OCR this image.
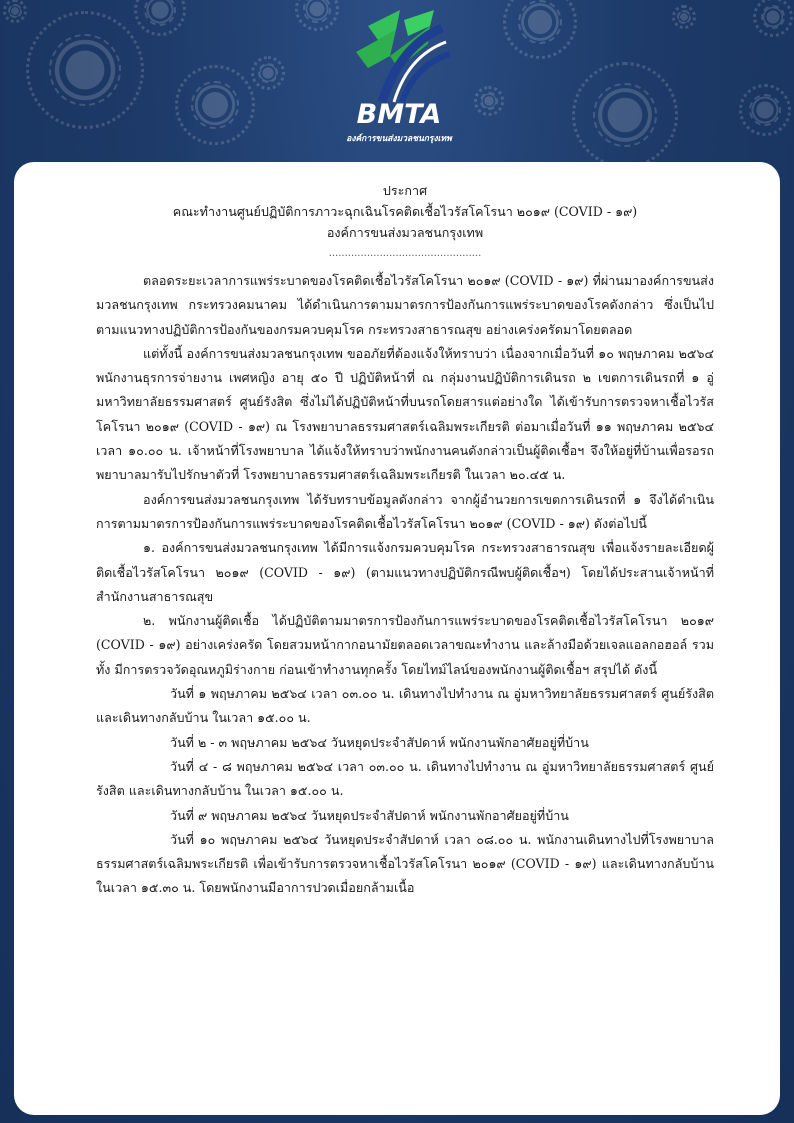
BMTA
องค์การขนส่งมวลชนกรุงเทพ
ประกาศ
คณะทำงานศูนย์ปฏิบัติการภาวะฉุกเฉินโรคติดเชื้อไวรัสโคโรนา ๒๐๑๙ (COVID - ๑๙)
องค์การขนส่งมวลชนกรุงเทพ
................................................

ตลอดระยะเวลาการแพร่ระบาดของโรคติดเชื้อไวรัสโคโรนา ๒๐๑๙ (COVID - ๑๙) ที่ผ่านมาองค์การขนส่งมวลชนกรุงเทพ กระทรวงคมนาคม ได้ดำเนินการตามมาตรการป้องกันการแพร่ระบาดของโรคดังกล่าว ซึ่งเป็นไปตามแนวทางปฏิบัติการป้องกันของกรมควบคุมโรค กระทรวงสาธารณสุข อย่างเคร่งครัดมาโดยตลอด

แต่ทั้งนี้ องค์การขนส่งมวลชนกรุงเทพ ขออภัยที่ต้องแจ้งให้ทราบว่า เนื่องจากเมื่อวันที่ ๑๐ พฤษภาคม ๒๕๖๔ พนักงานธุรการจ่ายงาน เพศหญิง อายุ ๕๐ ปี ปฏิบัติหน้าที่ ณ กลุ่มงานปฏิบัติการเดินรถ ๒ เขตการเดินรถที่ ๑ อู่มหาวิทยาลัยธรรมศาสตร์ ศูนย์รังสิต ซึ่งไม่ได้ปฏิบัติหน้าที่บนรถโดยสารแต่อย่างใด ได้เข้ารับการตรวจหาเชื้อไวรัสโคโรนา ๒๐๑๙ (COVID - ๑๙) ณ โรงพยาบาลธรรมศาสตร์เฉลิมพระเกียรติ ต่อมาเมื่อวันที่ ๑๑ พฤษภาคม ๒๕๖๔ เวลา ๑๐.๐๐ น. เจ้าหน้าที่โรงพยาบาล ได้แจ้งให้ทราบว่าพนักงานคนดังกล่าวเป็นผู้ติดเชื้อฯ จึงให้อยู่ที่บ้านเพื่อรอรถพยาบาลมารับไปรักษาตัวที่ โรงพยาบาลธรรมศาสตร์เฉลิมพระเกียรติ ในเวลา ๒๐.๔๕ น.

องค์การขนส่งมวลชนกรุงเทพ ได้รับทราบข้อมูลดังกล่าว จากผู้อำนวยการเขตการเดินรถที่ ๑ จึงได้ดำเนินการตามมาตรการป้องกันการแพร่ระบาดของโรคติดเชื้อไวรัสโคโรนา ๒๐๑๙ (COVID - ๑๙) ดังต่อไปนี้

๑. องค์การขนส่งมวลชนกรุงเทพ ได้มีการแจ้งกรมควบคุมโรค กระทรวงสาธารณสุข เพื่อแจ้งรายละเอียดผู้ติดเชื้อไวรัสโคโรนา ๒๐๑๙ (COVID - ๑๙) (ตามแนวทางปฏิบัติกรณีพบผู้ติดเชื้อฯ) โดยได้ประสานเจ้าหน้าที่สำนักงานสาธารณสุข

๒. พนักงานผู้ติดเชื้อ ได้ปฏิบัติตามมาตรการป้องกันการแพร่ระบาดของโรคติดเชื้อไวรัสโคโรนา ๒๐๑๙ (COVID - ๑๙) อย่างเคร่งครัด โดยสวมหน้ากากอนามัยตลอดเวลาขณะทำงาน และล้างมือด้วยเจลแอลกอฮอล์ รวมทั้ง มีการตรวจวัดอุณหภูมิร่างกาย ก่อนเข้าทำงานทุกครั้ง โดยไทม์ไลน์ของพนักงานผู้ติดเชื้อฯ สรุปได้ ดังนี้

วันที่ ๑ พฤษภาคม ๒๕๖๔ เวลา ๐๓.๐๐ น. เดินทางไปทำงาน ณ อู่มหาวิทยาลัยธรรมศาสตร์ ศูนย์รังสิต และเดินทางกลับบ้าน ในเวลา ๑๕.๐๐ น.

วันที่ ๒ - ๓ พฤษภาคม ๒๕๖๔ วันหยุดประจำสัปดาห์ พนักงานพักอาศัยอยู่ที่บ้าน

วันที่ ๔ - ๘ พฤษภาคม ๒๕๖๔ เวลา ๐๓.๐๐ น. เดินทางไปทำงาน ณ อู่มหาวิทยาลัยธรรมศาสตร์ ศูนย์รังสิต และเดินทางกลับบ้าน ในเวลา ๑๕.๐๐ น.

วันที่ ๙ พฤษภาคม ๒๕๖๔ วันหยุดประจำสัปดาห์ พนักงานพักอาศัยอยู่ที่บ้าน

วันที่ ๑๐ พฤษภาคม ๒๕๖๔ วันหยุดประจำสัปดาห์ เวลา ๐๘.๐๐ น. พนักงานเดินทางไปที่โรงพยาบาลธรรมศาสตร์เฉลิมพระเกียรติ เพื่อเข้ารับการตรวจหาเชื้อไวรัสโคโรนา ๒๐๑๙ (COVID - ๑๙) และเดินทางกลับบ้าน ในเวลา ๑๕.๓๐ น. โดยพนักงานมีอาการปวดเมื่อยกล้ามเนื้อ
